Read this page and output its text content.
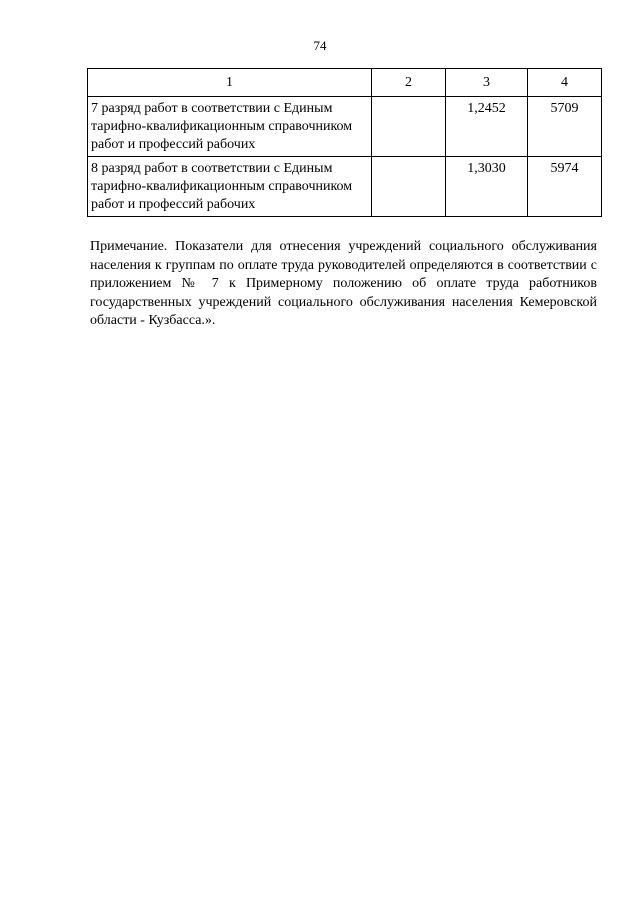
74
1	2	3	4
7 разряд работ в соответствии с Единым тарифно-квалификационным справочником работ и профессий рабочих		1,2452	5709
8 разряд работ в соответствии с Единым тарифно-квалификационным справочником работ и профессий рабочих		1,3030	5974

Примечание. Показатели для отнесения учреждений социального обслуживания населения к группам по оплате труда руководителей определяются в соответствии с приложением № 7 к Примерному положению об оплате труда работников государственных учреждений социального обслуживания населения Кемеровской области - Кузбасса.».
